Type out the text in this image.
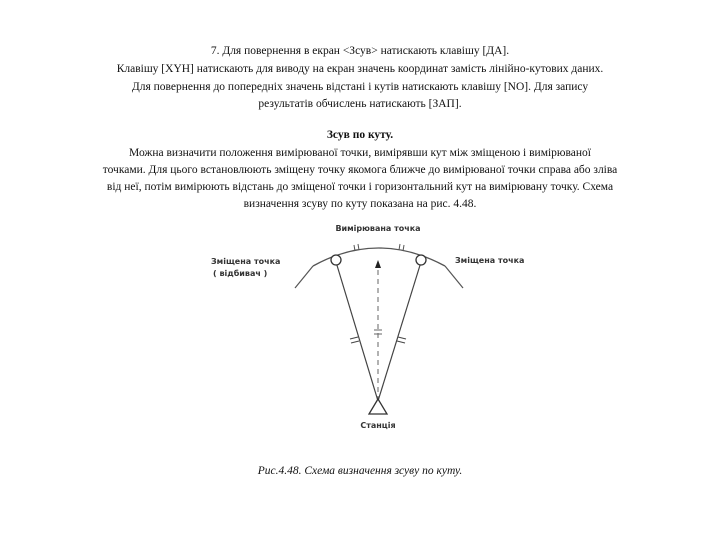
7. Для повернення в екран <Зсув> натискають клавішу [ДА].
Клавішу [XYH] натискають для виводу на екран значень координат замість лінійно-кутових даних.
Для повернення до попередніх значень відстані і кутів натискають клавішу [NO]. Для запису
результатів обчислень натискають [ЗАП].
Зсув по куту.
Можна визначити положення вимірюваної точки, вимірявши кут між зміщеною і вимірюваної
точками. Для цього встановлюють зміщену точку якомога ближче до вимірюваної точки справа або зліва
від неї, потім вимірюють відстань до зміщеної точки і горизонтальний кут на вимірювану точку. Схема
визначення зсуву по куту показана на рис. 4.48.
Вимірювана точка
Зміщена точка
( відбивач )
Зміщена точка
Станція
Рис.4.48. Схема визначення зсуву по куту.
